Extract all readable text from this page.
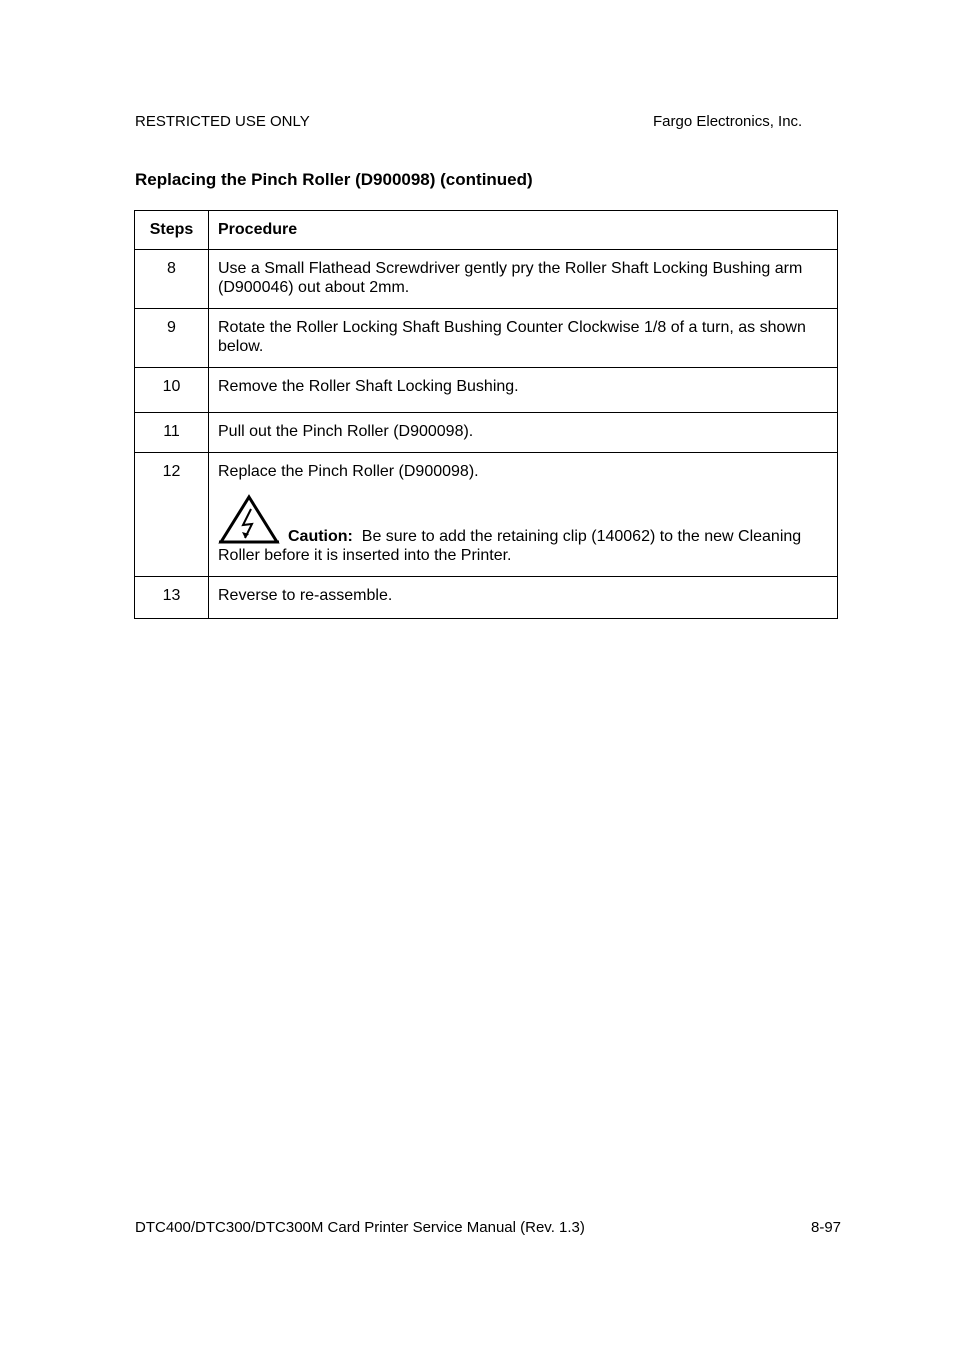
RESTRICTED USE ONLY	Fargo Electronics, Inc.
Replacing the Pinch Roller (D900098) (continued)
Steps	Procedure

8	Use a Small Flathead Screwdriver gently pry the Roller Shaft Locking Bushing arm (D900046) out about 2mm.

9	Rotate the Roller Locking Shaft Bushing Counter Clockwise 1/8 of a turn, as shown below.

10	Remove the Roller Shaft Locking Bushing.

11	Pull out the Pinch Roller (D900098).

12	Replace the Pinch Roller (D900098).
Caution: Be sure to add the retaining clip (140062) to the new Cleaning Roller before it is inserted into the Printer.

13	Reverse to re-assemble.
DTC400/DTC300/DTC300M Card Printer Service Manual (Rev. 1.3)	8-97
